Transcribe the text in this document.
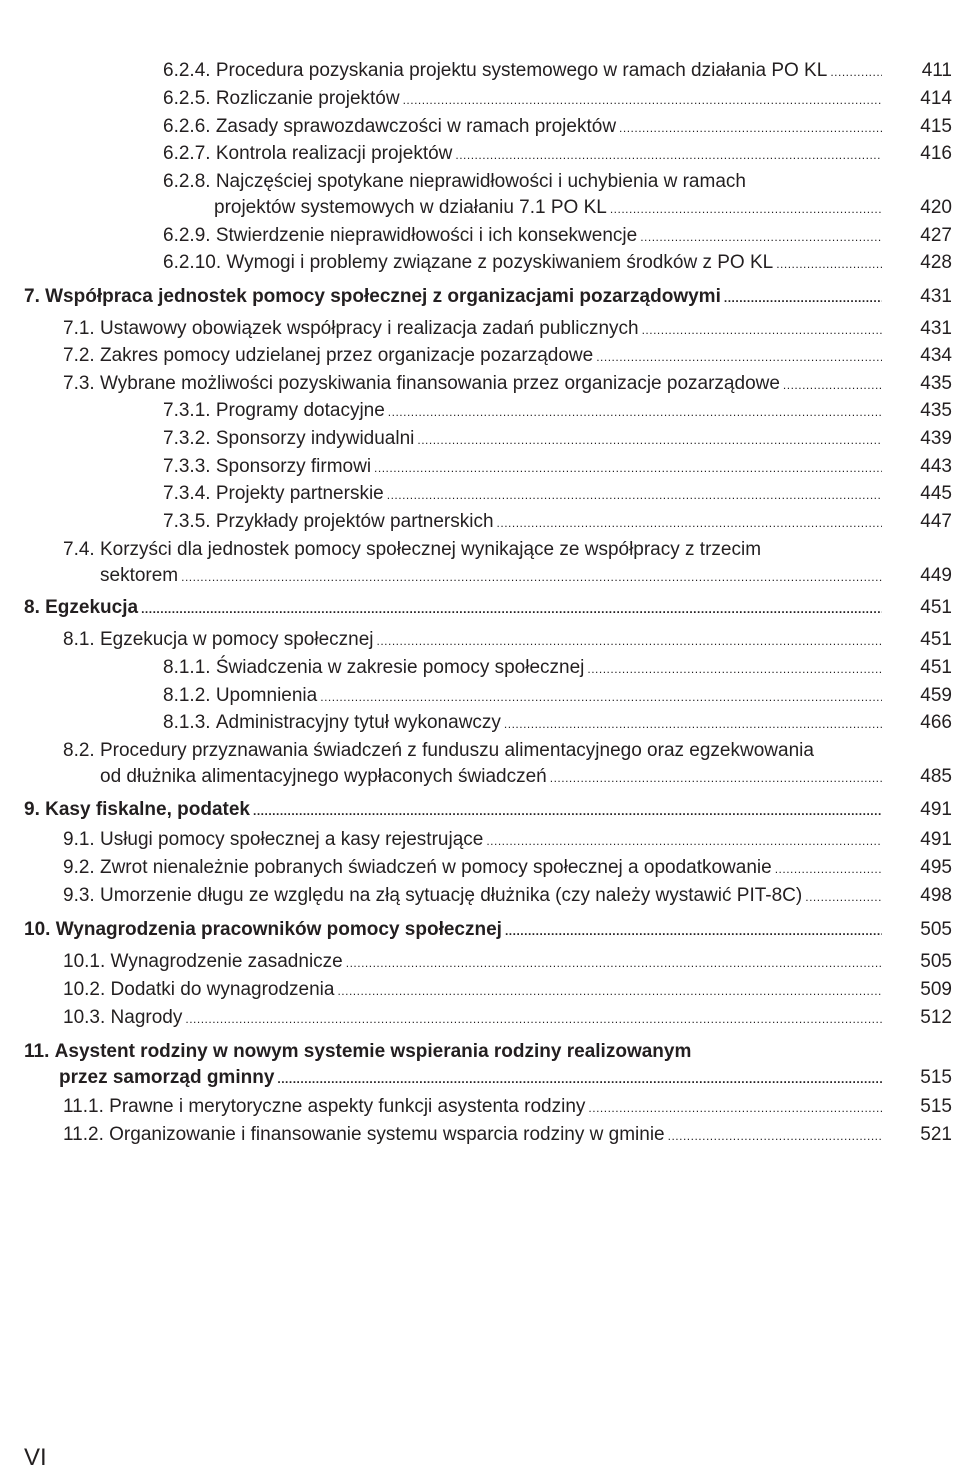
6.2.4. Procedura pozyskania projektu systemowego w ramach działania PO KL .....	411
6.2.5. Rozliczanie projektów .....	414
6.2.6. Zasady sprawozdawczości w ramach projektów .....	415
6.2.7. Kontrola realizacji projektów .....	416
6.2.8. Najczęściej spotykane nieprawidłowości i uchybienia w ramach
projektów systemowych w działaniu 7.1 PO KL .....	420
6.2.9. Stwierdzenie nieprawidłowości i ich konsekwencje .....	427
6.2.10. Wymogi i problemy związane z pozyskiwaniem środków z PO KL .....	428
7. Współpraca jednostek pomocy społecznej z organizacjami pozarządowymi .....	431
7.1. Ustawowy obowiązek współpracy i realizacja zadań publicznych .....	431
7.2. Zakres pomocy udzielanej przez organizacje pozarządowe .....	434
7.3. Wybrane możliwości pozyskiwania finansowania przez organizacje pozarządowe .....	435
7.3.1. Programy dotacyjne .....	435
7.3.2. Sponsorzy indywidualni .....	439
7.3.3. Sponsorzy firmowi .....	443
7.3.4. Projekty partnerskie .....	445
7.3.5. Przykłady projektów partnerskich .....	447
7.4. Korzyści dla jednostek pomocy społecznej wynikające ze współpracy z trzecim
sektorem .....	449
8. Egzekucja .....	451
8.1. Egzekucja w pomocy społecznej .....	451
8.1.1. Świadczenia w zakresie pomocy społecznej .....	451
8.1.2. Upomnienia .....	459
8.1.3. Administracyjny tytuł wykonawczy .....	466
8.2. Procedury przyznawania świadczeń z funduszu alimentacyjnego oraz egzekwowania
od dłużnika alimentacyjnego wypłaconych świadczeń .....	485
9. Kasy fiskalne, podatek .....	491
9.1. Usługi pomocy społecznej a kasy rejestrujące .....	491
9.2. Zwrot nienależnie pobranych świadczeń w pomocy społecznej a opodatkowanie .....	495
9.3. Umorzenie długu ze względu na złą sytuację dłużnika (czy należy wystawić PIT-8C) .....	498
10. Wynagrodzenia pracowników pomocy społecznej .....	505
10.1. Wynagrodzenie zasadnicze .....	505
10.2. Dodatki do wynagrodzenia .....	509
10.3. Nagrody .....	512
11. Asystent rodziny w nowym systemie wspierania rodziny realizowanym
przez samorząd gminny .....	515
11.1. Prawne i merytoryczne aspekty funkcji asystenta rodziny .....	515
11.2. Organizowanie i finansowanie systemu wsparcia rodziny w gminie .....	521
VI
